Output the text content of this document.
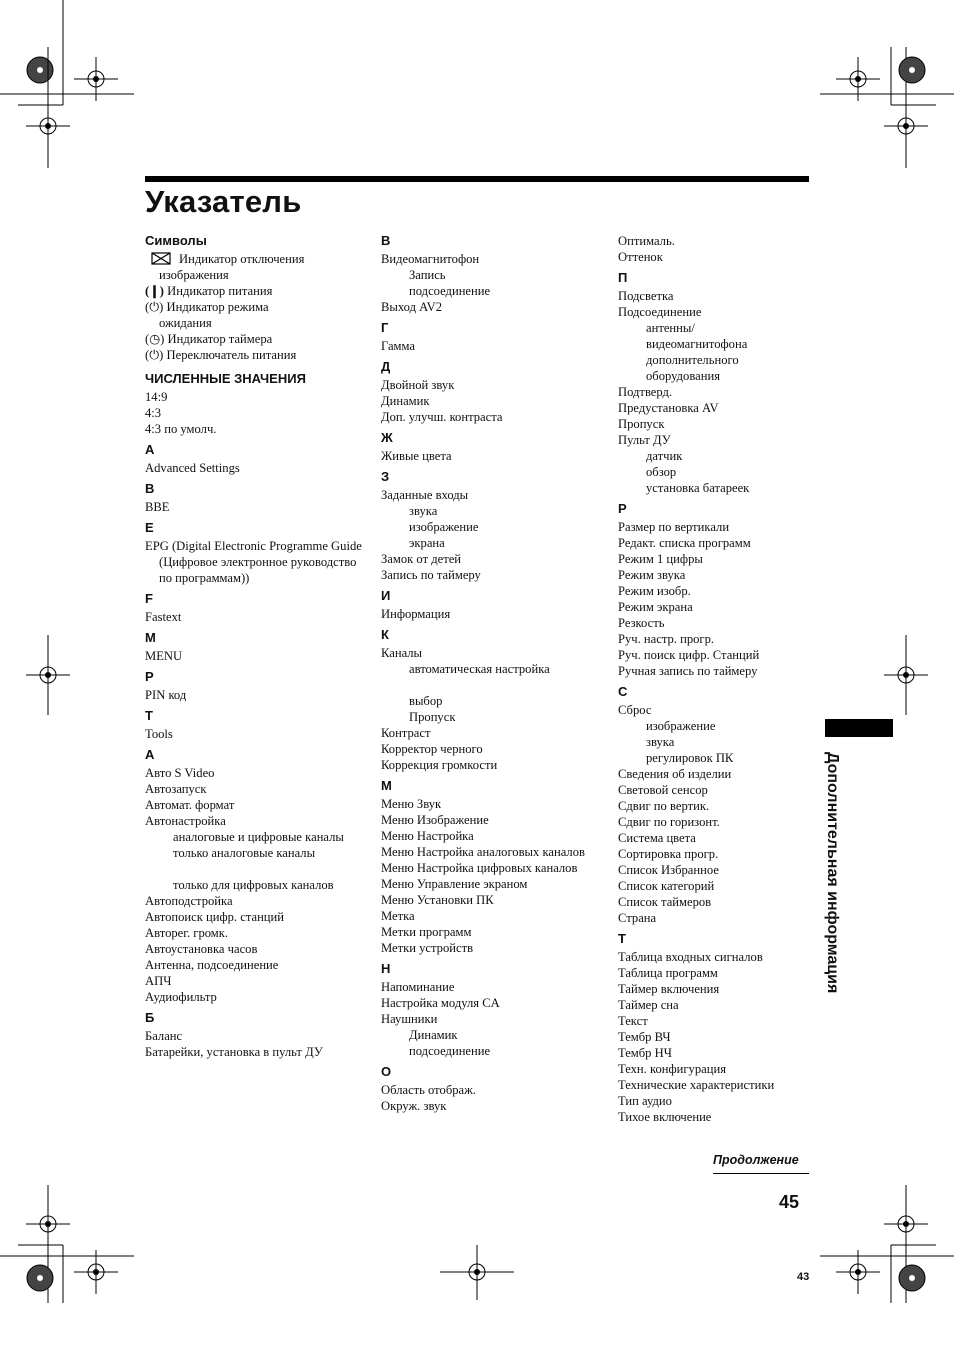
Указатель
Символы
Индикатор отключения
изображения
(❙) Индикатор питания
(⏻) Индикатор режима
ожидания
(◷) Индикатор таймера
(⏻) Переключатель питания
ЧИСЛЕННЫЕ ЗНАЧЕНИЯ
14:9
4:3
4:3 по умолч.
A
Advanced Settings
B
BBE
E
EPG (Digital Electronic Programme Guide (Цифровое электронное руководство по программам))
F
Fastext
M
MENU
P
PIN код
T
Tools
А
Авто S Video
Автозапуск
Автомат. формат
Автонастройка
аналоговые и цифровые каналы
только аналоговые каналы
только для цифровых каналов
Автоподстройка
Автопоиск цифр. станций
Авторег. громк.
Автоустановка часов
Антенна, подсоединение
АПЧ
Аудиофильтр
Б
Баланс
Батарейки, установка в пульт ДУ
В
Видеомагнитофон
Запись
подсоединение
Выход AV2
Г
Гамма
Д
Двойной звук
Динамик
Доп. улучш. контраста
Ж
Живые цвета
З
Заданные входы
звука
изображение экрана
Замок от детей
Запись по таймеру
И
Информация
К
Каналы
автоматическая настройка
выбор
Пропуск
Контраст
Корректор черного
Коррекция громкости
М
Меню Звук
Меню Изображение
Меню Настройка
Меню Настройка аналоговых каналов
Меню Настройка цифровых каналов
Меню Управление экраном
Меню Установки ПК
Метка
Метки программ
Метки устройств
Н
Напоминание
Настройка модуля CA
Наушники
Динамик
подсоединение
О
Область отображ.
Окруж. звук
Оптималь.
Оттенок
П
Подсветка
Подсоединение
антенны/ видеомагнитофона
дополнительного оборудования
Подтверд.
Предустановка AV
Пропуск
Пульт ДУ
датчик
обзор
установка батареек
Р
Размер по вертикали
Редакт. списка программ
Режим 1 цифры
Режим звука
Режим изобр.
Режим экрана
Резкость
Руч. настр. прогр.
Руч. поиск цифр. Станций
Ручная запись по таймеру
С
Сброс
изображение
звука
регулировок ПК
Сведения об изделии
Световой сенсор
Сдвиг по вертик.
Сдвиг по горизонт.
Система цвета
Сортировка прогр.
Список Избранное
Список категорий
Список таймеров
Страна
Т
Таблица входных сигналов
Таблица программ
Таймер включения
Таймер сна
Текст
Тембр ВЧ
Тембр НЧ
Техн. конфигурация
Технические характеристики
Тип аудио
Тихое включение
Дополнительная информация
Продолжение
45
43
